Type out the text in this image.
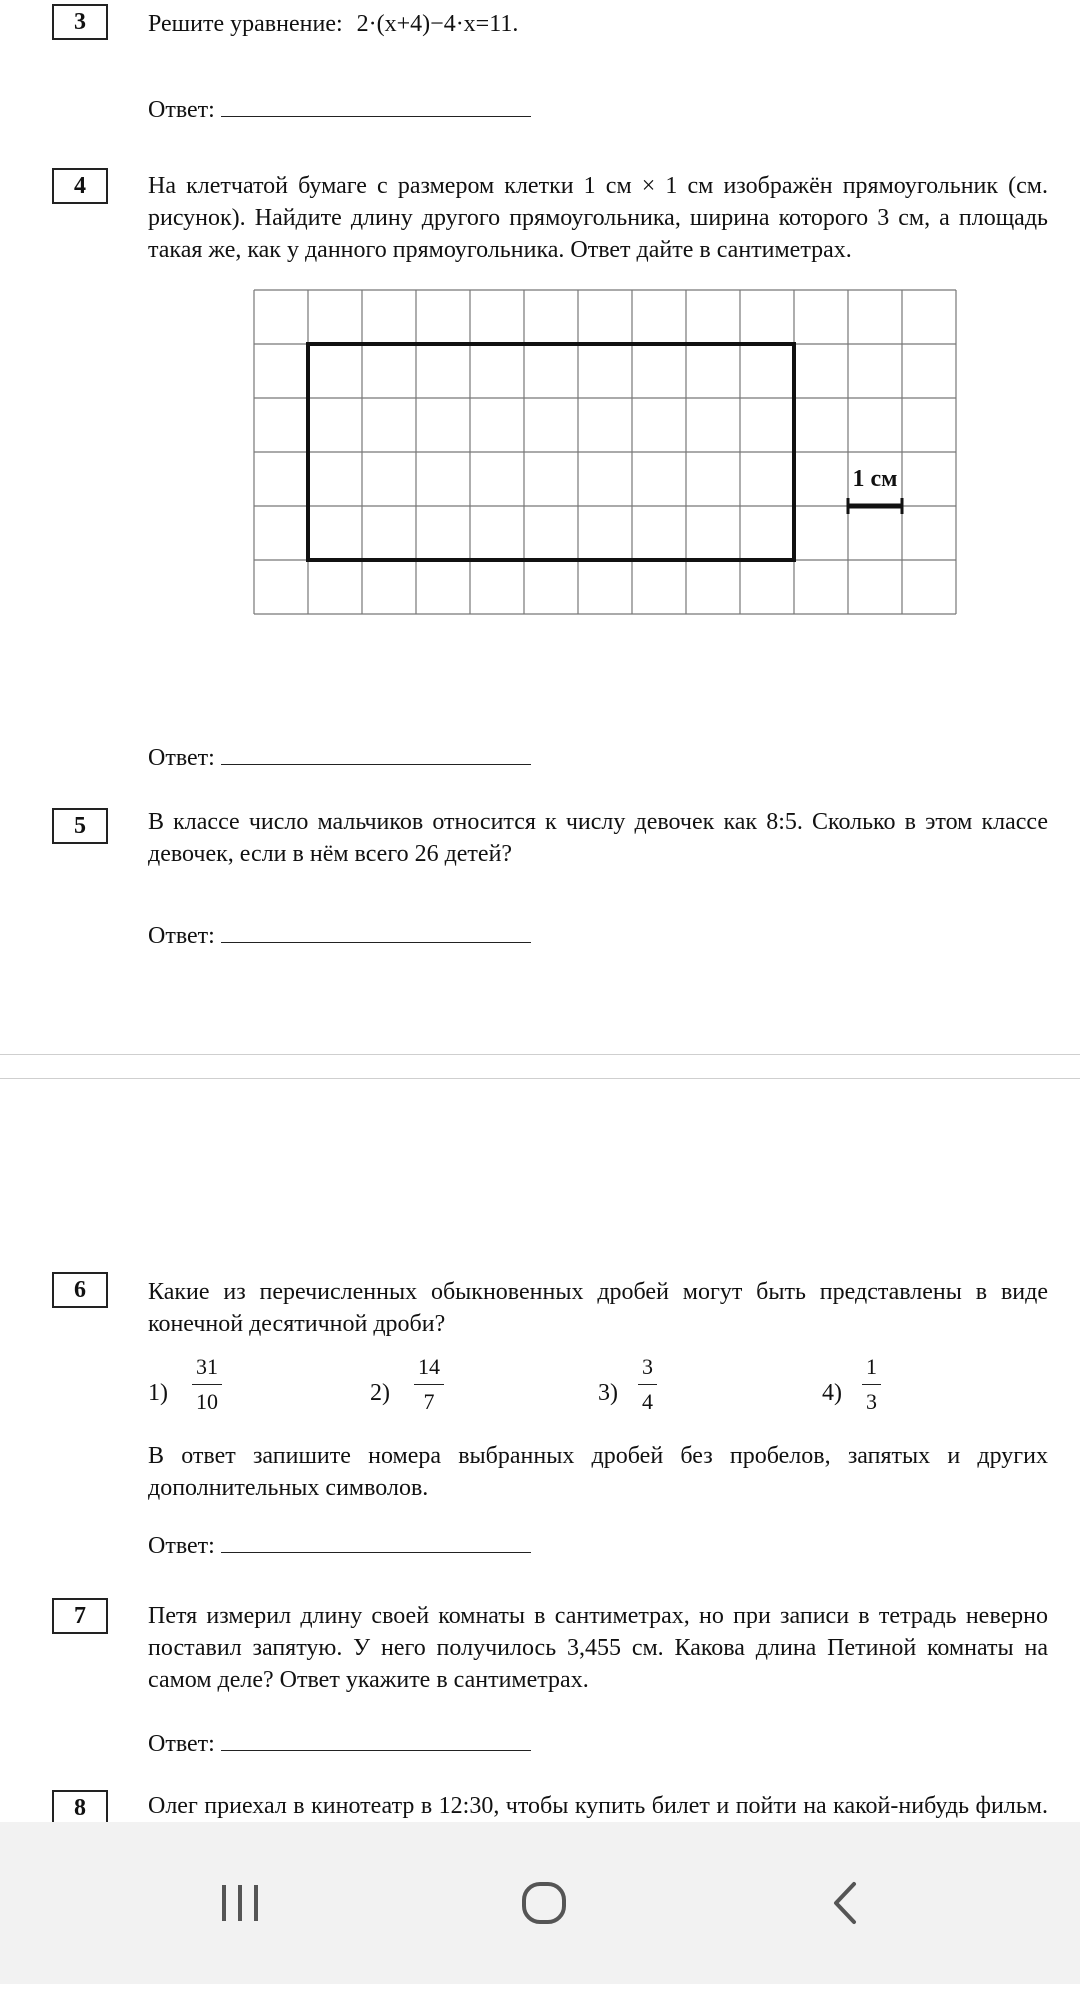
3	Решите уравнение: 2·(x+4)−4·x=11.
Ответ:
4	На клетчатой бумаге с размером клетки 1 см × 1 см изображён прямоугольник (см. рисунок). Найдите длину другого прямоугольника, ширина которого 3 см, а площадь такая же, как у данного прямоугольника. Ответ дайте в сантиметрах.
1 см
Ответ:
5	В классе число мальчиков относится к числу девочек как 8:5. Сколько в этом классе девочек, если в нём всего 26 детей?
Ответ:
6	Какие из перечисленных обыкновенных дробей могут быть представлены в виде конечной десятичной дроби?
1)
31
10	2)
14
7	3)
3
4	4)
1
3
В ответ запишите номера выбранных дробей без пробелов, запятых и других дополнительных символов.
Ответ:
7	Петя измерил длину своей комнаты в сантиметрах, но при записи в тетрадь неверно поставил запятую. У него получилось 3,455 см. Какова длина Петиной комнаты на самом деле? Ответ укажите в сантиметрах.
Ответ:
8	Олег приехал в кинотеатр в 12:30, чтобы купить билет и пойти на какой-нибудь фильм.
